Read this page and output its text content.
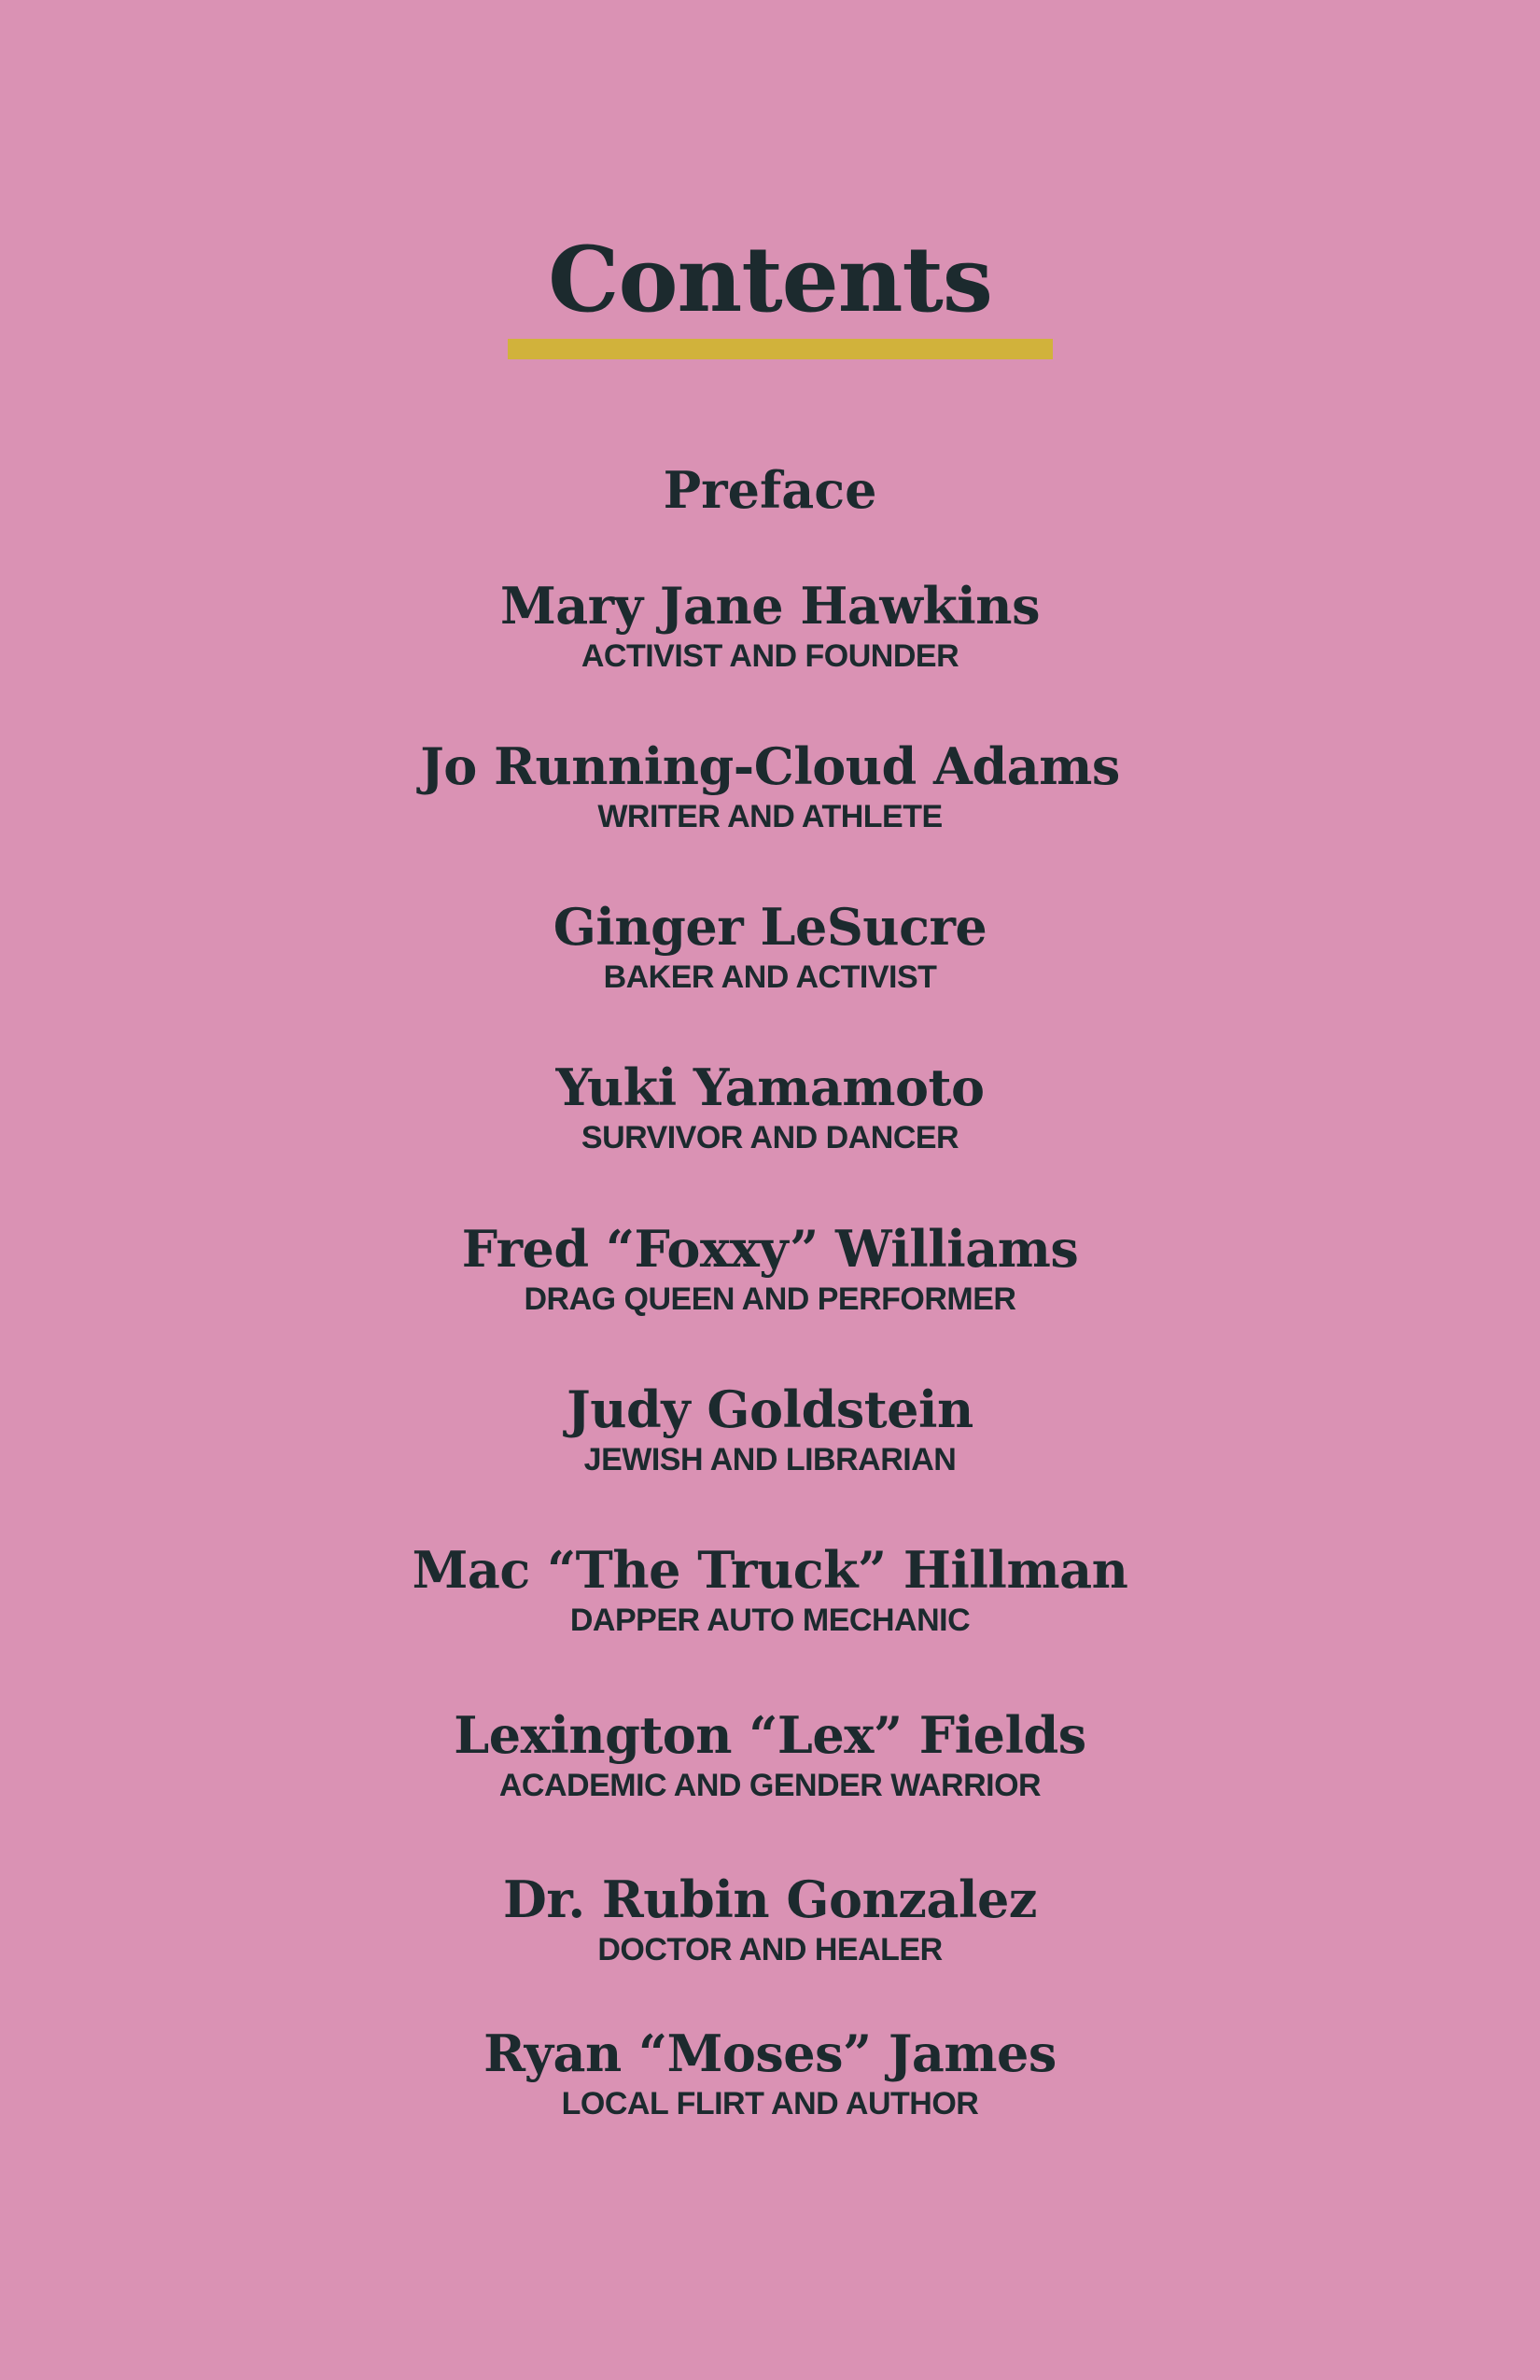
Contents
Preface
Mary Jane Hawkins
ACTIVIST AND FOUNDER
Jo Running-Cloud Adams
WRITER AND ATHLETE
Ginger LeSucre
BAKER AND ACTIVIST
Yuki Yamamoto
SURVIVOR AND DANCER
Fred “Foxxy” Williams
DRAG QUEEN AND PERFORMER
Judy Goldstein
JEWISH AND LIBRARIAN
Mac “The Truck” Hillman
DAPPER AUTO MECHANIC
Lexington “Lex” Fields
ACADEMIC AND GENDER WARRIOR
Dr. Rubin Gonzalez
DOCTOR AND HEALER
Ryan “Moses” James
LOCAL FLIRT AND AUTHOR
